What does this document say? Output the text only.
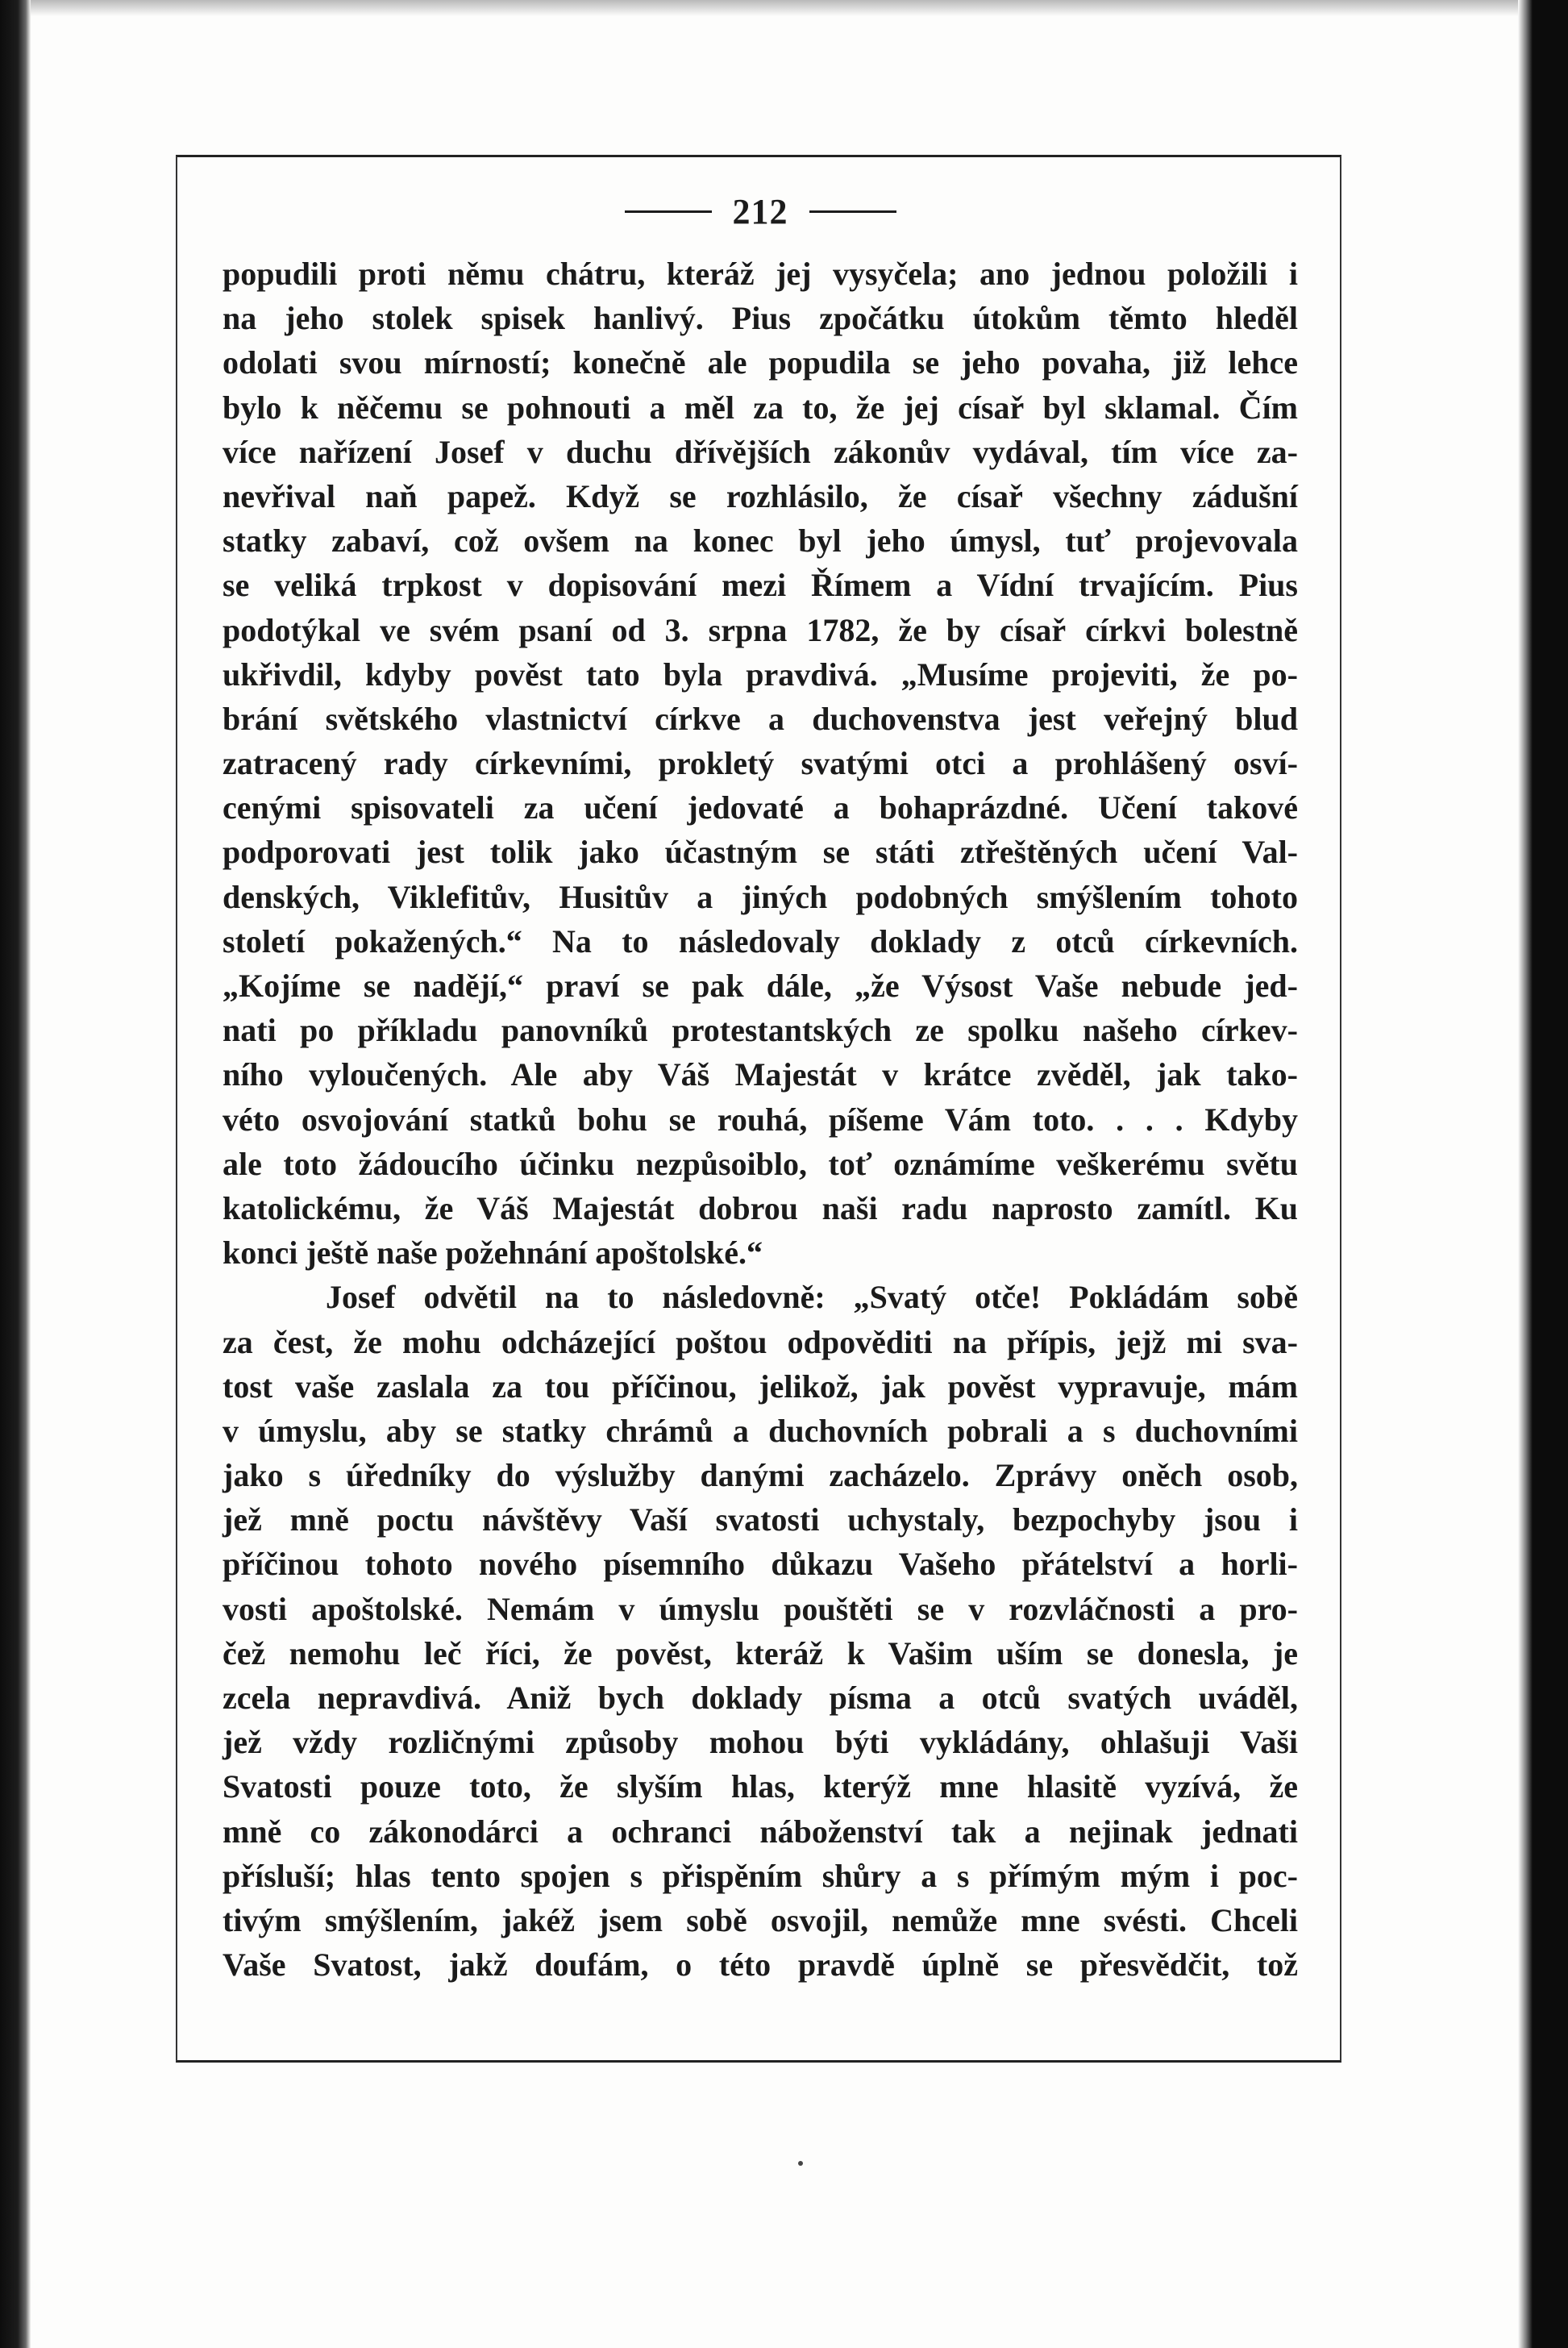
212
popudili proti němu chátru, kteráž jej vysyčela; ano jednou položili i
na jeho stolek spisek hanlivý. Pius zpočátku útokům těmto hleděl
odolati svou mírností; konečně ale popudila se jeho povaha, již lehce
bylo k něčemu se pohnouti a měl za to, že jej císař byl sklamal. Čím
více nařízení Josef v duchu dřívějších zákonův vydával, tím více za-
nevřival naň papež. Když se rozhlásilo, že císař všechny zádušní
statky zabaví, což ovšem na konec byl jeho úmysl, tuť projevovala
se veliká trpkost v dopisování mezi Římem a Vídní trvajícím. Pius
podotýkal ve svém psaní od 3. srpna 1782, že by císař církvi bolestně
ukřivdil, kdyby pověst tato byla pravdivá. „Musíme projeviti, že po-
brání světského vlastnictví církve a duchovenstva jest veřejný blud
zatracený rady církevními, prokletý svatými otci a prohlášený osví-
cenými spisovateli za učení jedovaté a bohaprázdné. Učení takové
podporovati jest tolik jako účastným se státi ztřeštěných učení Val-
denských, Viklefitův, Husitův a jiných podobných smýšlením tohoto
století pokažených.“ Na to následovaly doklady z otců církevních.
„Kojíme se nadějí,“ praví se pak dále, „že Výsost Vaše nebude jed-
nati po příkladu panovníků protestantských ze spolku našeho církev-
ního vyloučených. Ale aby Váš Majestát v krátce zvěděl, jak tako-
véto osvojování statků bohu se rouhá, píšeme Vám toto. . . . Kdyby
ale toto žádoucího účinku nezpůsoiblo, toť oznámíme veškerému světu
katolickému, že Váš Majestát dobrou naši radu naprosto zamítl. Ku
konci ještě naše požehnání apoštolské.“
Josef odvětil na to následovně: „Svatý otče! Pokládám sobě
za čest, že mohu odcházející poštou odpověditi na přípis, jejž mi sva-
tost vaše zaslala za tou příčinou, jelikož, jak pověst vypravuje, mám
v úmyslu, aby se statky chrámů a duchovních pobrali a s duchovními
jako s úředníky do výslužby danými zacházelo. Zprávy oněch osob,
jež mně poctu návštěvy Vaší svatosti uchystaly, bezpochyby jsou i
příčinou tohoto nového písemního důkazu Vašeho přátelství a horli-
vosti apoštolské. Nemám v úmyslu pouštěti se v rozvláčnosti a pro-
čež nemohu leč říci, že pověst, kteráž k Vašim uším se donesla, je
zcela nepravdivá. Aniž bych doklady písma a otců svatých uváděl,
jež vždy rozličnými způsoby mohou býti vykládány, ohlašuji Vaši
Svatosti pouze toto, že slyším hlas, kterýž mne hlasitě vyzívá, že
mně co zákonodárci a ochranci náboženství tak a nejinak jednati
přísluší; hlas tento spojen s přispěním shůry a s přímým mým i poc-
tivým smýšlením, jakéž jsem sobě osvojil, nemůže mne svésti. Chceli
Vaše Svatost, jakž doufám, o této pravdě úplně se přesvědčit, tož
